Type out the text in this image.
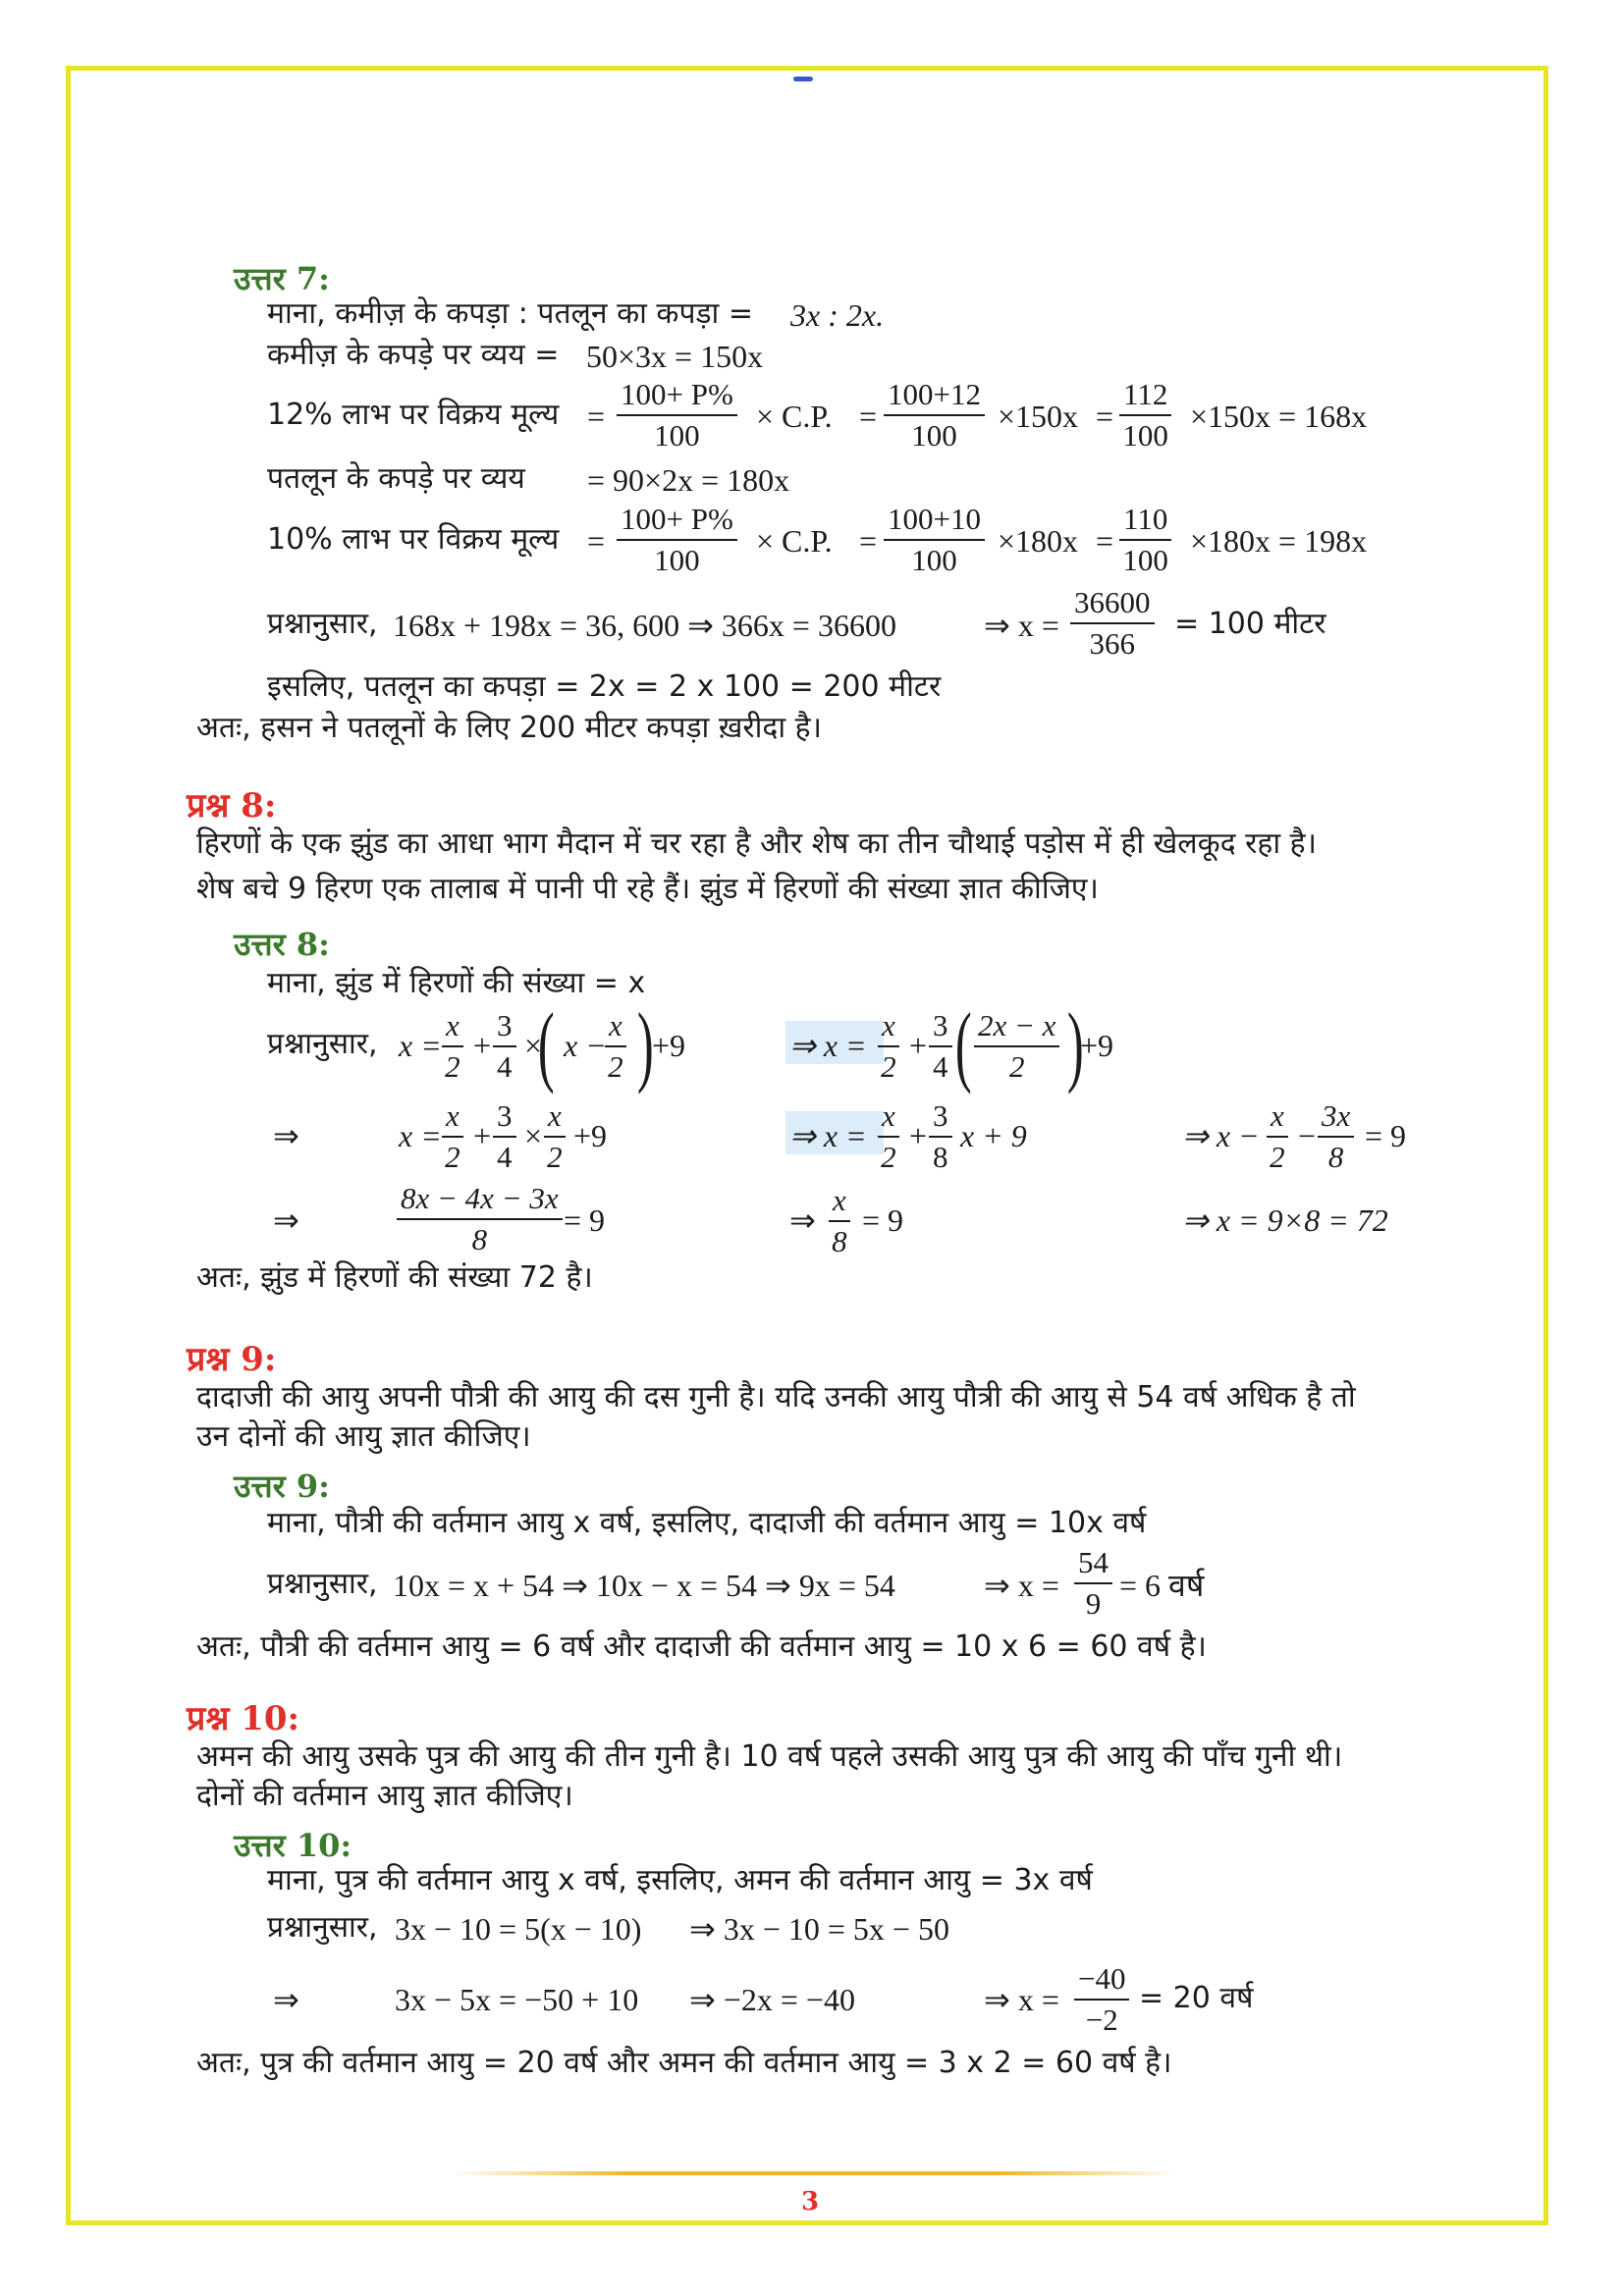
उत्तर 7:
माना, कमीज़ के कपड़ा : पतलून का कपड़ा = 3x : 2x.
कमीज़ के कपड़े पर व्यय = 50×3x = 150x
12% लाभ पर विक्रय मूल्य = $\frac{100+ P\%}{100} \times C.P$. = $\frac{100+12}{100} \times 150x = \frac{112}{100} \times 150x = 168x$
पतलून के कपड़े पर व्यय = 90×2x = 180x
10% लाभ पर विक्रय मूल्य = $\frac{100+ P\%}{100} \times C.P$. = $\frac{100+10}{100} \times 180x = \frac{110}{100} \times 180x = 198x$
प्रश्नानुसार, 168x + 198x = 36, 600 ⇒ 366x = 36600	⇒ $x = \frac{36600}{366} = 100$ मीटर
इसलिए, पतलून का कपड़ा = 2x = 2 x 100 = 200 मीटर
अतः, हसन ने पतलूनों के लिए 200 मीटर कपड़ा ख़रीदा है।
प्रश्न 8:
हिरणों के एक झुंड का आधा भाग मैदान में चर रहा है और शेष का तीन चौथाई पड़ोस में ही खेलकूद रहा है।
शेष बचे 9 हिरण एक तालाब में पानी पी रहे हैं। झुंड में हिरणों की संख्या ज्ञात कीजिए।
उत्तर 8:
माना, झुंड में हिरणों की संख्या = x
प्रश्नानुसार, $x = \frac{x}{2} + \frac{3}{4}$ ×
( x −
$\frac{x}{2}$ )
+9	⇒ $x = \frac{x}{2} + \frac{3}{4}$ ( $\frac{2x - x}{2}$ )
+9
⇒	$x = \frac{x}{2} + \frac{3}{4} \times \frac{x}{2} +9$	⇒ $x = \frac{x}{2} + \frac{3}{8}$ x + 9	⇒ $x - \frac{x}{2} - \frac{3x}{8} = 9$
⇒	$\frac{8x - 4x - 3x}{8} = 9$	⇒ $\frac{x}{8} = 9$	⇒ x = 9×8 = 72
अतः, झुंड में हिरणों की संख्या 72 है।
प्रश्न 9:
दादाजी की आयु अपनी पौत्री की आयु की दस गुनी है। यदि उनकी आयु पौत्री की आयु से 54 वर्ष अधिक है तो
उन दोनों की आयु ज्ञात कीजिए।
उत्तर 9:
माना, पौत्री की वर्तमान आयु x वर्ष, इसलिए, दादाजी की वर्तमान आयु = 10x वर्ष
प्रश्नानुसार, 10x = x + 54 ⇒ 10x − x = 54 ⇒ 9x = 54	⇒ $x = \frac{54}{9} = 6$ वर्ष
अतः, पौत्री की वर्तमान आयु = 6 वर्ष और दादाजी की वर्तमान आयु = 10 x 6 = 60 वर्ष है।
प्रश्न 10:
अमन की आयु उसके पुत्र की आयु की तीन गुनी है। 10 वर्ष पहले उसकी आयु पुत्र की आयु की पाँच गुनी थी।
दोनों की वर्तमान आयु ज्ञात कीजिए।
उत्तर 10:
माना, पुत्र की वर्तमान आयु x वर्ष, इसलिए, अमन की वर्तमान आयु = 3x वर्ष
प्रश्नानुसार, 3x − 10 = 5(x − 10) ⇒ 3x − 10 = 5x − 50
⇒	3x − 5x = −50 + 10 ⇒ −2x = −40	⇒ $x = \frac{-40}{-2} = 20$ वर्ष
अतः, पुत्र की वर्तमान आयु = 20 वर्ष और अमन की वर्तमान आयु = 3 x 2 = 60 वर्ष है।
3
